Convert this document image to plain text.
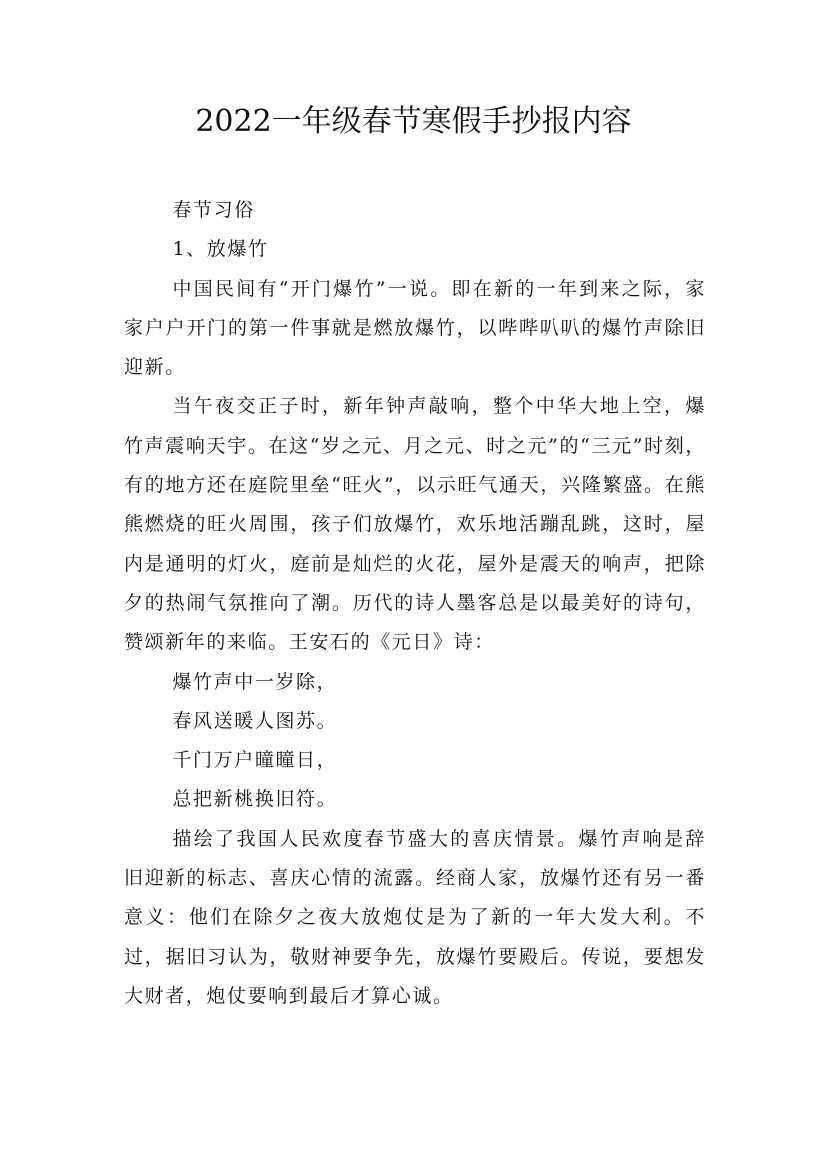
2022一年级春节寒假手抄报内容

春节习俗

1、放爆竹

中国民间有“开门爆竹”一说。即在新的一年到来之际，家家户户开门的第一件事就是燃放爆竹，以哔哔叭叭的爆竹声除旧迎新。

当午夜交正子时，新年钟声敲响，整个中华大地上空，爆竹声震响天宇。在这“岁之元、月之元、时之元”的“三元”时刻，有的地方还在庭院里垒“旺火”，以示旺气通天，兴隆繁盛。在熊熊燃烧的旺火周围，孩子们放爆竹，欢乐地活蹦乱跳，这时，屋内是通明的灯火，庭前是灿烂的火花，屋外是震天的响声，把除夕的热闹气氛推向了潮。历代的诗人墨客总是以最美好的诗句，赞颂新年的来临。王安石的《元日》诗：

爆竹声中一岁除，

春风送暖人图苏。

千门万户曈曈日，

总把新桃换旧符。

描绘了我国人民欢度春节盛大的喜庆情景。爆竹声响是辞旧迎新的标志、喜庆心情的流露。经商人家，放爆竹还有另一番意义：他们在除夕之夜大放炮仗是为了新的一年大发大利。不过，据旧习认为，敬财神要争先，放爆竹要殿后。传说，要想发大财者，炮仗要响到最后才算心诚。
